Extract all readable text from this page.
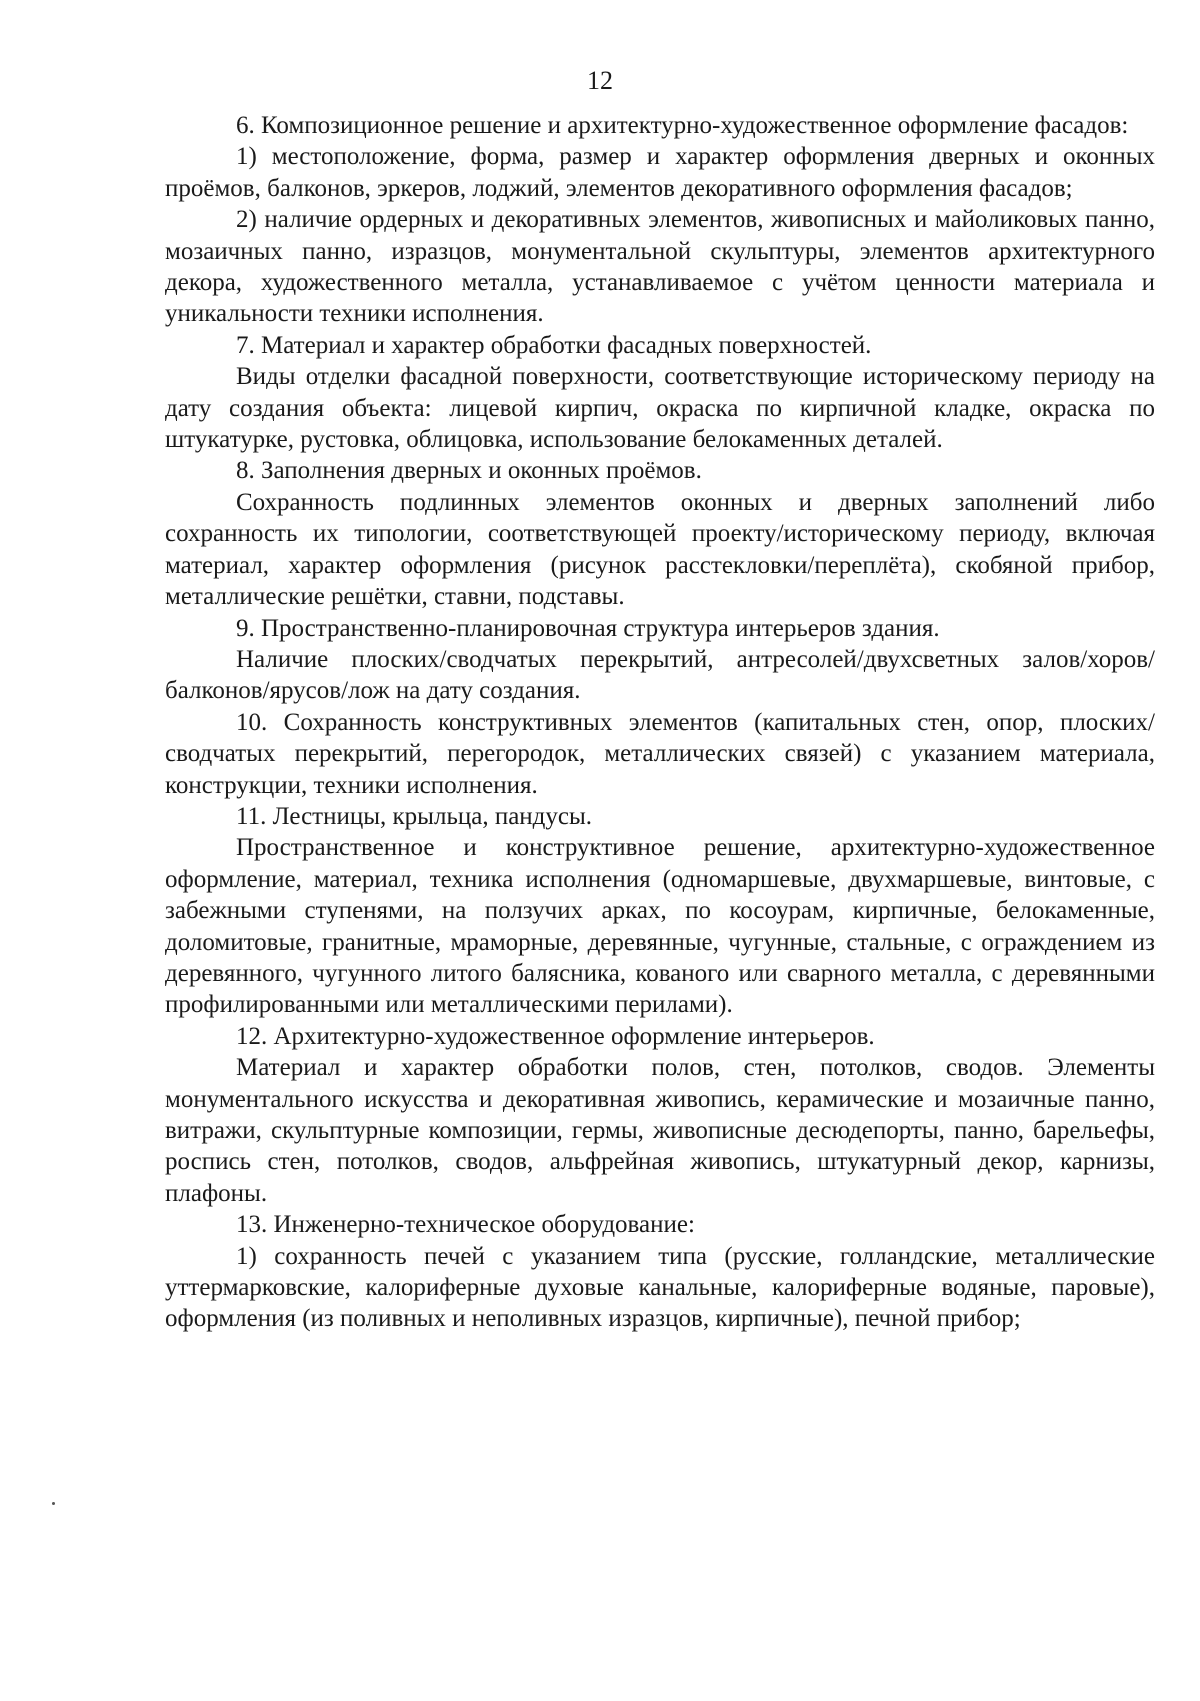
12

6. Композиционное решение и архитектурно-художественное оформление фасадов:

1) местоположение, форма, размер и характер оформления дверных и оконных проёмов, балконов, эркеров, лоджий, элементов декоративного оформления фасадов;

2) наличие ордерных и декоративных элементов, живописных и майоликовых панно, мозаичных панно, изразцов, монументальной скульптуры, элементов архитектурного декора, художественного металла, устанавливаемое с учётом ценности материала и уникальности техники исполнения.

7. Материал и характер обработки фасадных поверхностей.

Виды отделки фасадной поверхности, соответствующие историческому периоду на дату создания объекта: лицевой кирпич, окраска по кирпичной кладке, окраска по штукатурке, рустовка, облицовка, использование белокаменных деталей.

8. Заполнения дверных и оконных проёмов.

Сохранность подлинных элементов оконных и дверных заполнений либо сохранность их типологии, соответствующей проекту/историческому периоду, включая материал, характер оформления (рисунок расстекловки/переплёта), скобяной прибор, металлические решётки, ставни, подставы.

9. Пространственно-планировочная структура интерьеров здания.

Наличие плоских/сводчатых перекрытий, антресолей/двухсветных залов/хоров/балконов/ярусов/лож на дату создания.

10. Сохранность конструктивных элементов (капитальных стен, опор, плоских/сводчатых перекрытий, перегородок, металлических связей) с указанием материала, конструкции, техники исполнения.

11. Лестницы, крыльца, пандусы.

Пространственное и конструктивное решение, архитектурно-художественное оформление, материал, техника исполнения (одномаршевые, двухмаршевые, винтовые, с забежными ступенями, на ползучих арках, по косоурам, кирпичные, белокаменные, доломитовые, гранитные, мраморные, деревянные, чугунные, стальные, с ограждением из деревянного, чугунного литого балясника, кованого или сварного металла, с деревянными профилированными или металлическими перилами).

12. Архитектурно-художественное оформление интерьеров.

Материал и характер обработки полов, стен, потолков, сводов. Элементы монументального искусства и декоративная живопись, керамические и мозаичные панно, витражи, скульптурные композиции, гермы, живописные десюдепорты, панно, барельефы, роспись стен, потолков, сводов, альфрейная живопись, штукатурный декор, карнизы, плафоны.

13. Инженерно-техническое оборудование:

1) сохранность печей с указанием типа (русские, голландские, металлические уттермарковские, калориферные духовые канальные, калориферные водяные, паровые), оформления (из поливных и неполивных изразцов, кирпичные), печной прибор;
